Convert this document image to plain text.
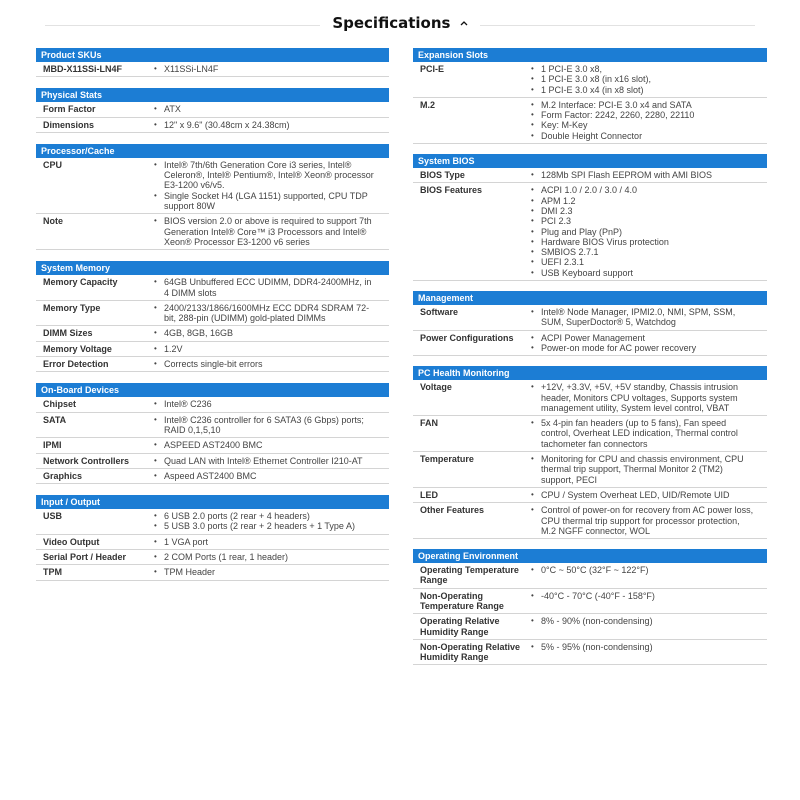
Specifications
Product SKUs
MBD-X11SSi-LN4F	• X11SSi-LN4F
Physical Stats
Form Factor	• ATX
Dimensions	• 12" x 9.6" (30.48cm x 24.38cm)
Processor/Cache
CPU	• Intel® 7th/6th Generation Core i3 series, Intel® Celeron®, Intel® Pentium®, Intel® Xeon® processor E3-1200 v6/v5.
• Single Socket H4 (LGA 1151) supported, CPU TDP support 80W
Note	• BIOS version 2.0 or above is required to support 7th Generation Intel® Core™ i3 Processors and Intel® Xeon® Processor E3-1200 v6 series
System Memory
Memory Capacity	• 64GB Unbuffered ECC UDIMM, DDR4-2400MHz, in 4 DIMM slots
Memory Type	• 2400/2133/1866/1600MHz ECC DDR4 SDRAM 72-bit, 288-pin (UDIMM) gold-plated DIMMs
DIMM Sizes	• 4GB, 8GB, 16GB
Memory Voltage	• 1.2V
Error Detection	• Corrects single-bit errors
On-Board Devices
Chipset	• Intel® C236
SATA	• Intel® C236 controller for 6 SATA3 (6 Gbps) ports; RAID 0,1,5,10
IPMI	• ASPEED AST2400 BMC
Network Controllers	• Quad LAN with Intel® Ethernet Controller I210-AT
Graphics	• Aspeed AST2400 BMC
Input / Output
USB	• 6 USB 2.0 ports (2 rear + 4 headers)
• 5 USB 3.0 ports (2 rear + 2 headers + 1 Type A)
Video Output	• 1 VGA port
Serial Port / Header	• 2 COM Ports (1 rear, 1 header)
TPM	• TPM Header
Expansion Slots
PCI-E	• 1 PCI-E 3.0 x8,
• 1 PCI-E 3.0 x8 (in x16 slot),
• 1 PCI-E 3.0 x4 (in x8 slot)
M.2	• M.2 Interface: PCI-E 3.0 x4 and SATA
• Form Factor: 2242, 2260, 2280, 22110
• Key: M-Key
• Double Height Connector
System BIOS
BIOS Type	• 128Mb SPI Flash EEPROM with AMI BIOS
BIOS Features	• ACPI 1.0 / 2.0 / 3.0 / 4.0
• APM 1.2
• DMI 2.3
• PCI 2.3
• Plug and Play (PnP)
• Hardware BIOS Virus protection
• SMBIOS 2.7.1
• UEFI 2.3.1
• USB Keyboard support
Management
Software	• Intel® Node Manager, IPMI2.0, NMI, SPM, SSM, SUM, SuperDoctor® 5, Watchdog
Power Configurations	• ACPI Power Management
• Power-on mode for AC power recovery
PC Health Monitoring
Voltage	• +12V, +3.3V, +5V, +5V standby, Chassis intrusion header, Monitors CPU voltages, Supports system management utility, System level control, VBAT
FAN	• 5x 4-pin fan headers (up to 5 fans), Fan speed control, Overheat LED indication, Thermal control tachometer fan connectors
Temperature	• Monitoring for CPU and chassis environment, CPU thermal trip support, Thermal Monitor 2 (TM2) support, PECI
LED	• CPU / System Overheat LED, UID/Remote UID
Other Features	• Control of power-on for recovery from AC power loss, CPU thermal trip support for processor protection, M.2 NGFF connector, WOL
Operating Environment
Operating Temperature Range
• 0°C ~ 50°C (32°F ~ 122°F)
Non-Operating Temperature Range
• -40°C - 70°C (-40°F - 158°F)
Operating Relative Humidity Range
• 8% - 90% (non-condensing)
Non-Operating Relative Humidity Range
• 5% - 95% (non-condensing)
